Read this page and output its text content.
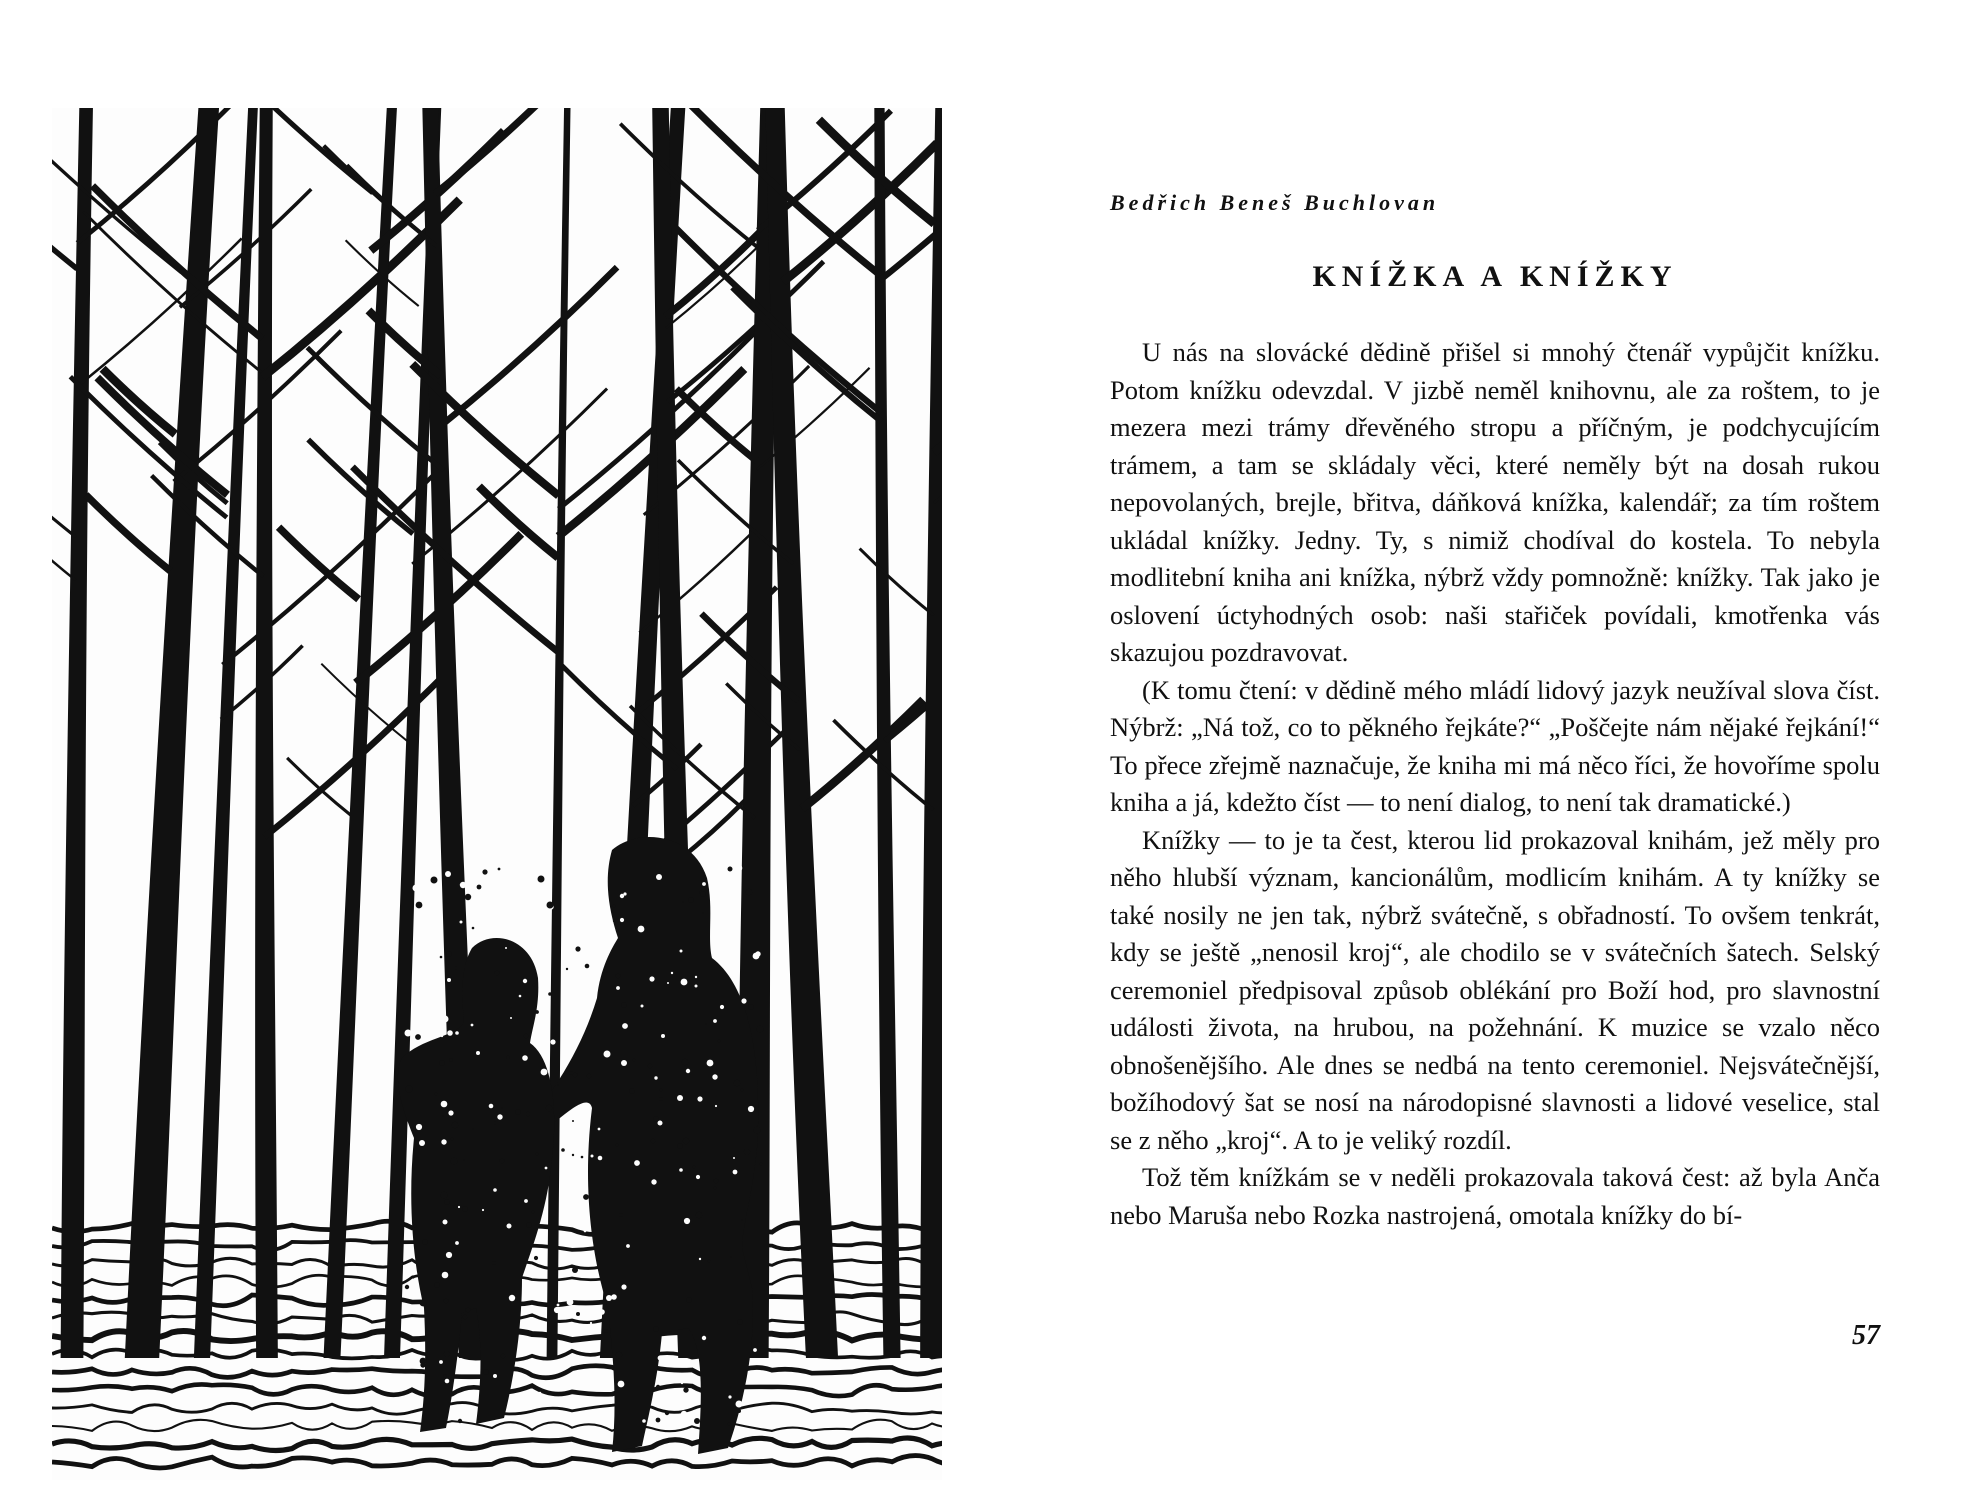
Bedřich Beneš Buchlovan
KNÍŽKA A KNÍŽKY

U nás na slovácké dědině přišel si mnohý čtenář vypůjčit knížku. Potom knížku odevzdal. V jizbě neměl knihovnu, ale za roštem, to je mezera mezi trámy dřevěného stropu a příčným, je podchycujícím trámem, a tam se skládaly věci, které neměly být na dosah rukou nepovolaných, brejle, břitva, dáňková knížka, kalendář; za tím roštem ukládal knížky. Jedny. Ty, s nimiž chodíval do kostela. To nebyla modlitební kniha ani knížka, nýbrž vždy pomnožně: knížky. Tak jako je oslovení úctyhodných osob: naši stařiček povídali, kmotřenka vás skazujou pozdravovat.

(K tomu čtení: v dědině mého mládí lidový jazyk neužíval slova číst. Nýbrž: „Ná tož, co to pěkného řejkáte?“ „Poščejte nám nějaké řejkání!“ To přece zřejmě naznačuje, že kniha mi má něco říci, že hovoříme spolu kniha a já, kdežto číst — to není dialog, to není tak dramatické.)

Knížky — to je ta čest, kterou lid prokazoval knihám, jež měly pro něho hlubší význam, kancionálům, modlicím knihám. A ty knížky se také nosily ne jen tak, nýbrž svátečně, s obřadností. To ovšem tenkrát, kdy se ještě „nenosil kroj“, ale chodilo se v svátečních šatech. Selský ceremoniel předpisoval způsob oblékání pro Boží hod, pro slavnostní události života, na hrubou, na požehnání. K muzice se vzalo něco obnošenějšího. Ale dnes se nedbá na tento ceremoniel. Nejsvátečnější, božíhodový šat se nosí na národopisné slavnosti a lidové veselice, stal se z něho „kroj“. A to je veliký rozdíl.

Tož těm knížkám se v neděli prokazovala taková čest: až byla Anča nebo Maruša nebo Rozka nastrojená, omotala knížky do bí-

57
